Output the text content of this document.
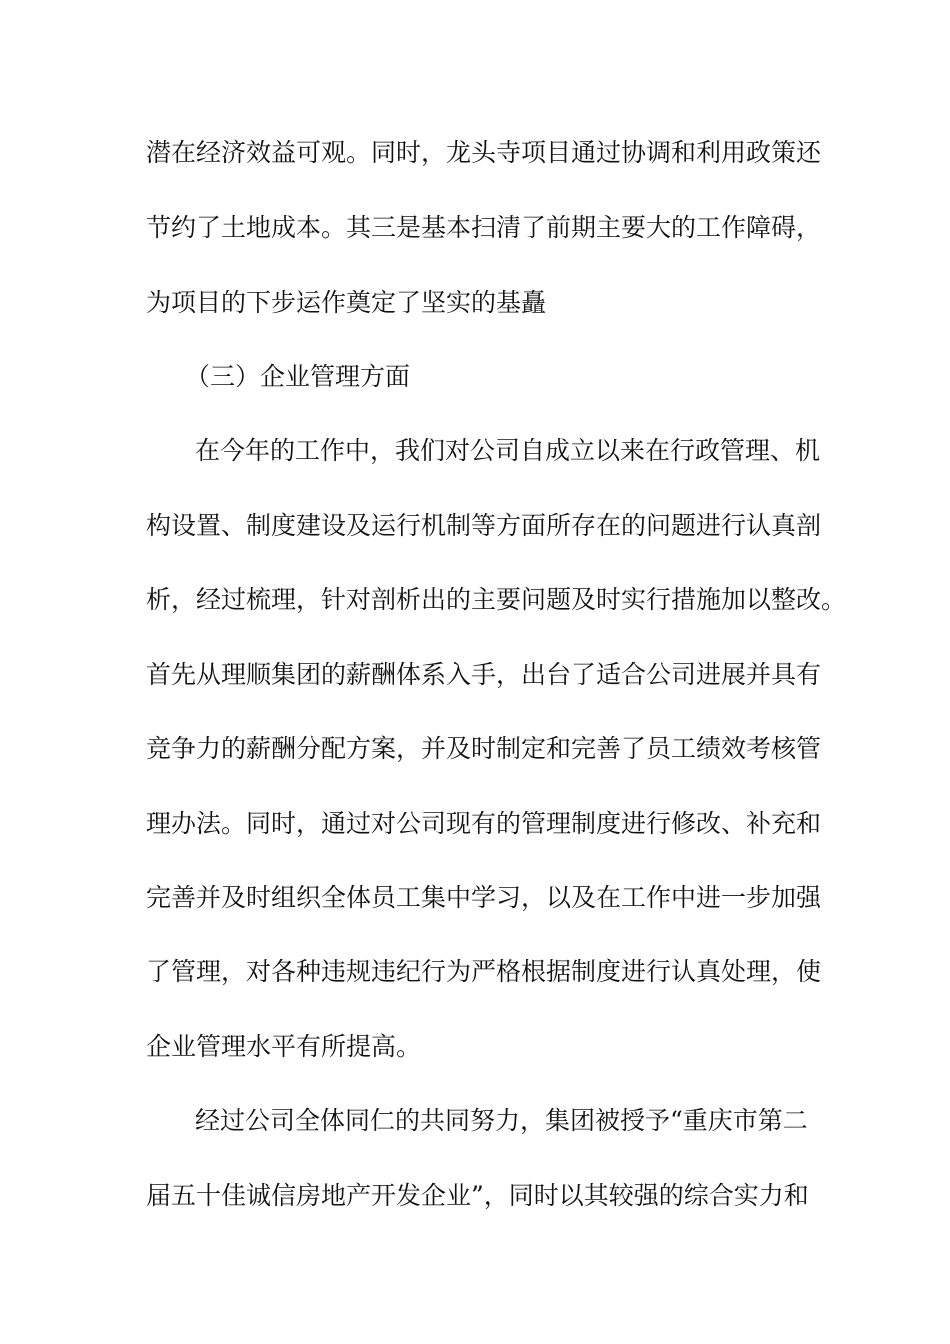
潜在经济效益可观。同时，龙头寺项目通过协调和利用政策还
节约了土地成本。其三是基本扫清了前期主要大的工作障碍，
为项目的下步运作奠定了坚实的基矗
（三）企业管理方面
在今年的工作中，我们对公司自成立以来在行政管理、机
构设置、制度建设及运行机制等方面所存在的问题进行认真剖
析，经过梳理，针对剖析出的主要问题及时实行措施加以整改。
首先从理顺集团的薪酬体系入手，出台了适合公司进展并具有
竞争力的薪酬分配方案，并及时制定和完善了员工绩效考核管
理办法。同时，通过对公司现有的管理制度进行修改、补充和
完善并及时组织全体员工集中学习，以及在工作中进一步加强
了管理，对各种违规违纪行为严格根据制度进行认真处理，使
企业管理水平有所提高。
经过公司全体同仁的共同努力，集团被授予“重庆市第二
届五十佳诚信房地产开发企业”，同时以其较强的综合实力和
